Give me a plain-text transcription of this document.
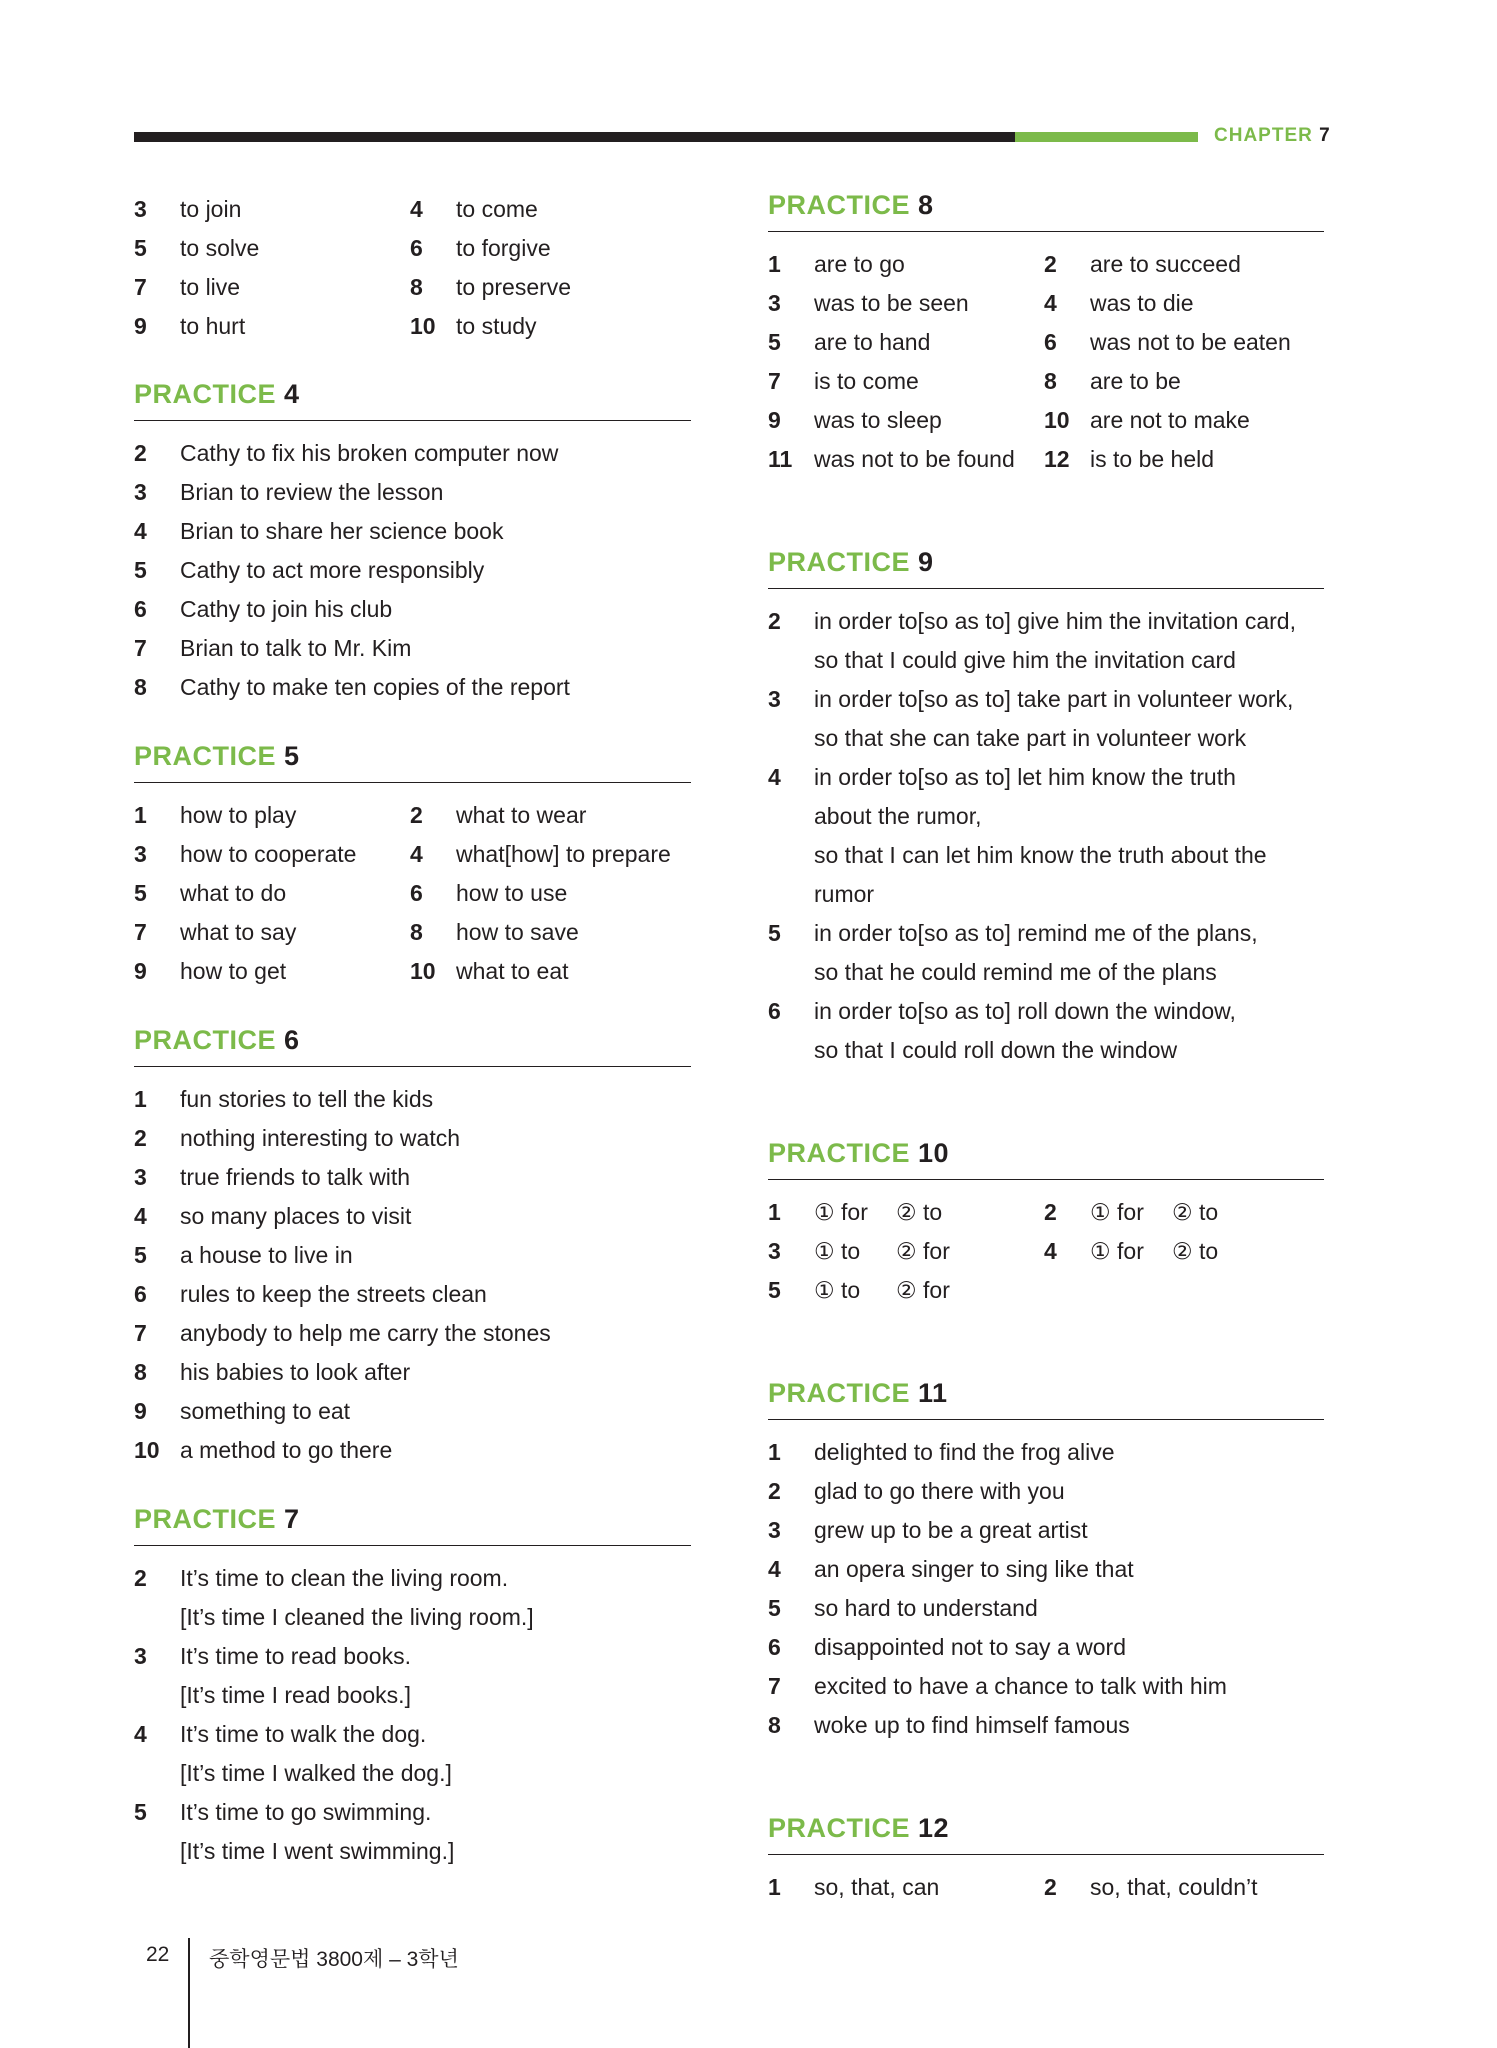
CHAPTER 7
3	to join	4	to come
5	to solve	6	to forgive
7	to live	8	to preserve
9	to hurt	10 to study
PRACTICE 4
2	Cathy to fix his broken computer now
3	Brian to review the lesson
4	Brian to share her science book
5	Cathy to act more responsibly
6	Cathy to join his club
7	Brian to talk to Mr. Kim
8	Cathy to make ten copies of the report
PRACTICE 5
1	how to play	2	what to wear
3	how to cooperate 4	what[how] to prepare
5	what to do	6	how to use
7	what to say	8	how to save
9	how to get	10 what to eat
PRACTICE 6
1	fun stories to tell the kids
2	nothing interesting to watch
3	true friends to talk with
4	so many places to visit
5	a house to live in
6	rules to keep the streets clean
7	anybody to help me carry the stones
8	his babies to look after
9	something to eat
10 a method to go there
PRACTICE 7
2	It’s time to clean the living room.
[It’s time I cleaned the living room.]
3	It’s time to read books.
[It’s time I read books.]
4	It’s time to walk the dog.
[It’s time I walked the dog.]
5	It’s time to go swimming.
[It’s time I went swimming.]
PRACTICE 8
1	are to go	2	are to succeed
3	was to be seen	4	was to die
5	are to hand	6	was not to be eaten
7	is to come	8	are to be
9	was to sleep	10 are not to make
11 was not to be found 12 is to be held
PRACTICE 9
2	in order to[so as to] give him the invitation card,
so that I could give him the invitation card
3	in order to[so as to] take part in volunteer work,
so that she can take part in volunteer work
4	in order to[so as to] let him know the truth
about the rumor,
so that I can let him know the truth about the
rumor
5	in order to[so as to] remind me of the plans,
so that he could remind me of the plans
6	in order to[so as to] roll down the window,
so that I could roll down the window
PRACTICE 10
1	① for ② to	2	① for ② to
3	① to ② for	4	① for ② to
5	① to ② for
PRACTICE 11
1	delighted to find the frog alive
2	glad to go there with you
3	grew up to be a great artist
4	an opera singer to sing like that
5	so hard to understand
6	disappointed not to say a word
7	excited to have a chance to talk with him
8	woke up to find himself famous
PRACTICE 12
1	so, that, can	2	so, that, couldn’t
22	중학영문법 3800제 – 3학년
